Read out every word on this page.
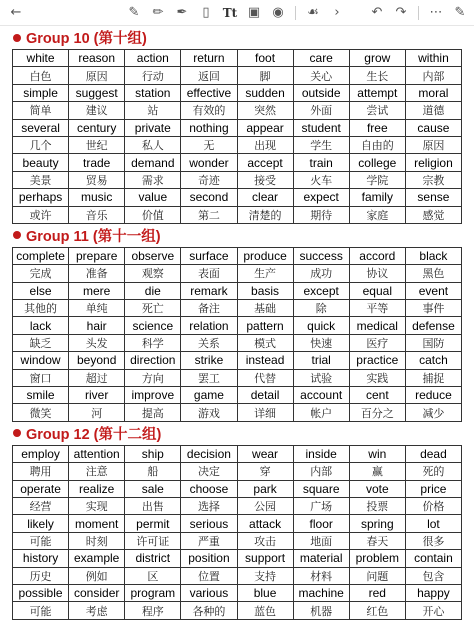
←	✎	✏	✒	▯	Tt ▣ ◉	☙	›	↶	↷	⋯ ✎
Group 10 (第十组)
white	reason	action	return	foot	care	grow	within
白色	原因	行动	返回	脚	关心	生长	内部
simple	suggest	station	effective	sudden	outside	attempt	moral
简单	建议	站	有效的	突然	外面	尝试	道德
several	century	private	nothing	appear	student	free	cause
几个	世纪	私人	无	出现	学生	自由的	原因
beauty	trade	demand	wonder	accept	train	college	religion
美景	贸易	需求	奇迹	接受	火车	学院	宗教
perhaps	music	value	second	clear	expect	family	sense
或许	音乐	价值	第二	清楚的	期待	家庭	感觉
Group 11 (第十一组)
complete	prepare	observe	surface	produce	success	accord	black
完成	准备	观察	表面	生产	成功	协议	黑色
else	mere	die	remark	basis	except	equal	event
其他的	单纯	死亡	备注	基础	除	平等	事件
lack	hair	science	relation	pattern	quick	medical	defense
缺乏	头发	科学	关系	模式	快速	医疗	国防
window	beyond	direction	strike	instead	trial	practice	catch
窗口	超过	方向	罢工	代替	试验	实践	捕捉
smile	river	improve	game	detail	account	cent	reduce
微笑	河	提高	游戏	详细	帐户	百分之	减少
Group 12 (第十二组)
employ	attention	ship	decision	wear	inside	win	dead
聘用	注意	船	决定	穿	内部	赢	死的
operate	realize	sale	choose	park	square	vote	price
经营	实现	出售	选择	公园	广场	投票	价格
likely	moment	permit	serious	attack	floor	spring	lot
可能	时刻	许可证	严重	攻击	地面	春天	很多
history	example	district	position	support	material	problem	contain
历史	例如	区	位置	支持	材料	问题	包含
possible	consider	program	various	blue	machine	red	happy
可能	考虑	程序	各种的	蓝色	机器	红色	开心
